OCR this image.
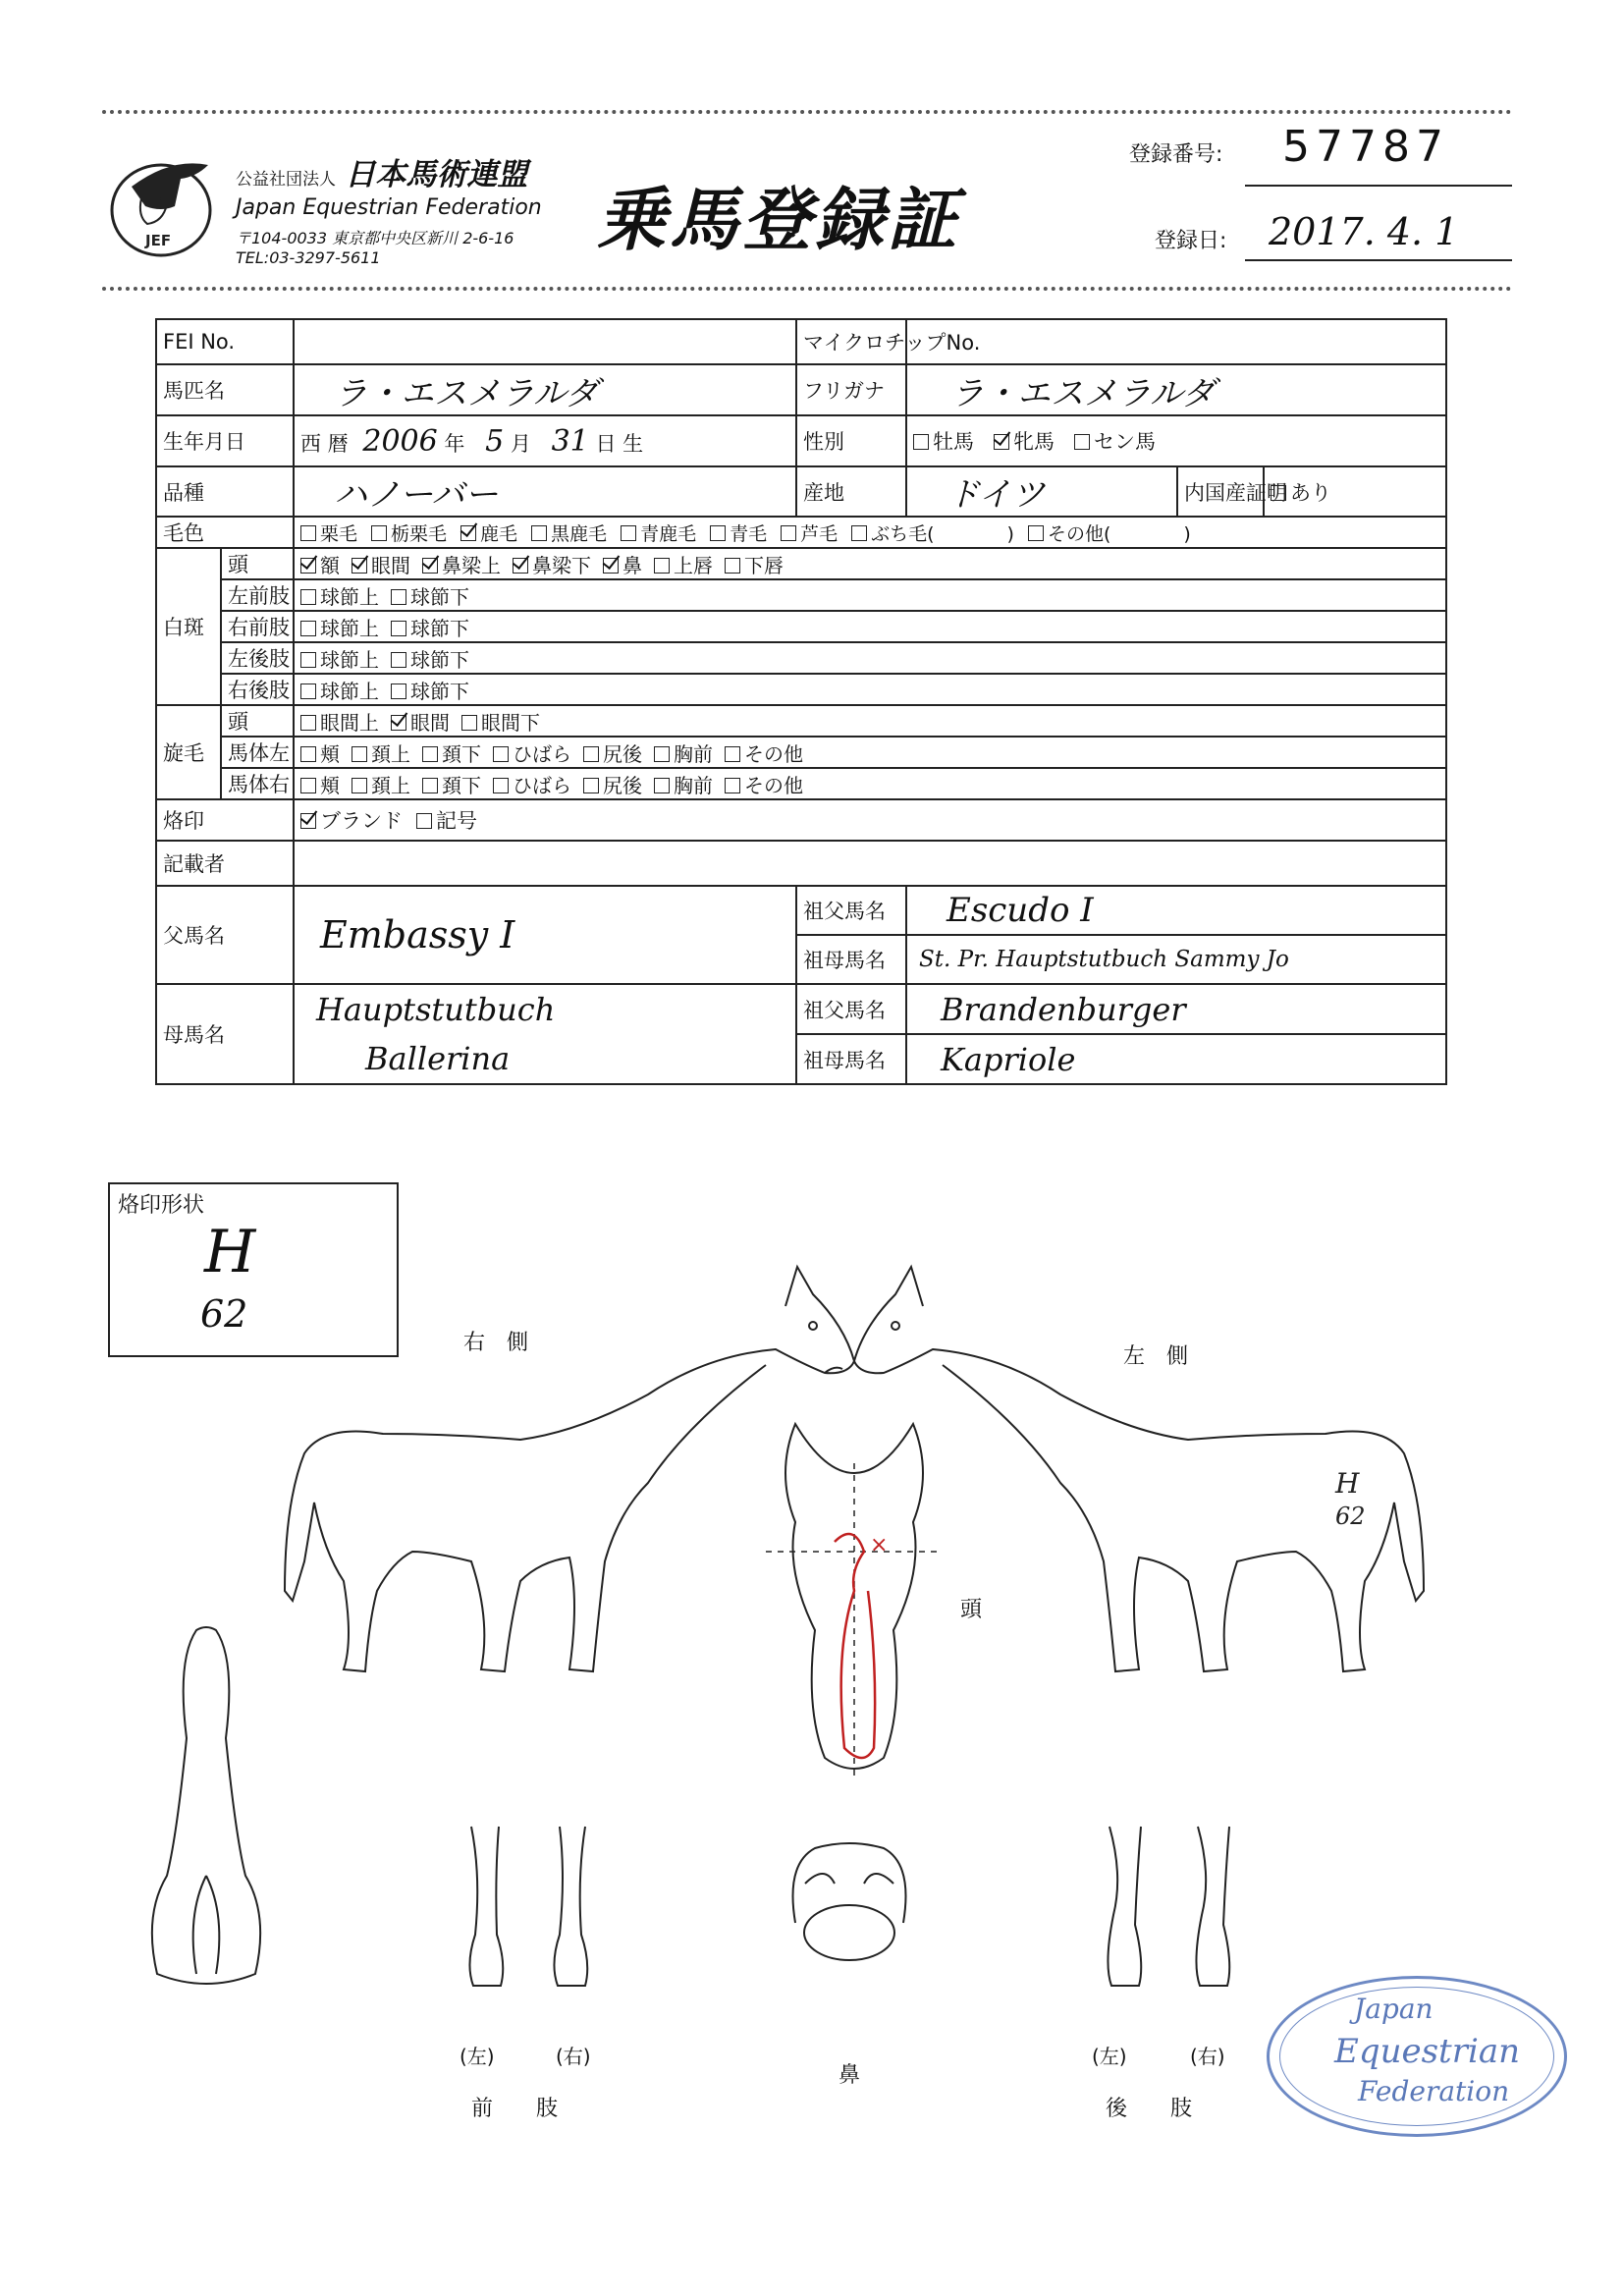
JEF
公益社団法人 日本馬術連盟
Japan Equestrian Federation
〒104-0033 東京都中央区新川 2-6-16
TEL:03-3297-5611	乗馬登録証
登録番号: 57787
登録日: 2017. 4. 1
FEI No.			マイクロチップNo.			
馬匹名		ラ・エスメラルダ	フリガナ	ラ・エスメラルダ		
生年月日		西 暦 2006 年 5 月 31 日 生	性別	牡馬 牝馬 セン馬		
品種		ハノーバー	産地	ドイツ	内国産証明	あり
毛色		栗毛 栃栗毛 鹿毛 黒鹿毛 青鹿毛 青毛 芦毛 ぶち毛( ) その他( )				
白斑	頭	額 眼間 鼻梁上 鼻梁下 鼻 上唇 下唇				
	左前肢	球節上 球節下				
	右前肢	球節上 球節下				
	左後肢	球節上 球節下				
	右後肢	球節上 球節下				
旋毛	頭	眼間上 眼間 眼間下				
	馬体左	頬 頚上 頚下 ひばら 尻後 胸前 その他				
	馬体右	頬 頚上 頚下 ひばら 尻後 胸前 その他				
烙印		ブランド 記号				
記載者						
父馬名		Embassy I	祖父馬名	Escudo I		
			祖母馬名	St. Pr. Hauptstutbuch Sammy Jo		
母馬名		Hauptstutbuch
Ballerina	祖父馬名	Brandenburger		
			祖母馬名	Kapriole		
烙印形状
H
62
右　側
左　側
頭
鼻
H
62
×
(左)	(右)
前　　肢
(左)	(右)
後　　肢
Japan
Equestrian
Federation
